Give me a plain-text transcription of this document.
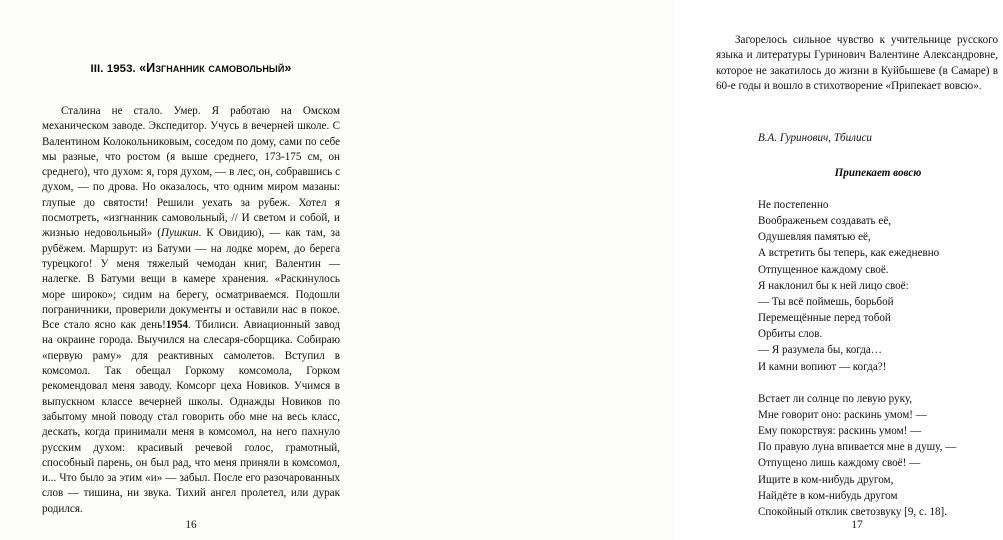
III. 1953. «Изгнанник самовольный»

Сталина не стало. Умер. Я работаю на Омском механическом заводе. Экспедитор. Учусь в вечерней школе. С Валентином Колокольниковым, соседом по дому, сами по себе мы разные, что ростом (я выше среднего, 173-175 см, он среднего), что духом: я, горя духом, — в лес, он, собравшись с духом, — по дрова. Но оказалось, что одним миром мазаны: глупые до святости! Решили уехать за рубеж. Хотел я посмотреть, «изгнанник самовольный, // И светом и собой, и жизнью недовольный» (Пушкин. К Овидию), — как там, за рубёжем. Маршрут: из Батуми — на лодке морем, до берега турецкого! У меня тяжелый чемодан книг, Валентин — налегке. В Батуми вещи в камере хранения. «Раскинулось море широко»; сидим на берегу, осматриваемся. Подошли пограничники, проверили документы и оставили нас в покое. Все стало ясно как день!1954. Тбилиси. Авиационный завод на окраине города. Выучился на слесаря-сборщика. Собираю «первую раму» для реактивных самолетов. Вступил в комсомол. Так обещал Горкому комсомола, Горком рекомендовал меня заводу. Комсорг цеха Новиков. Учимся в выпускном классе вечерней школы. Однажды Новиков по забытому мной поводу стал говорить обо мне на весь класс, дескать, когда принимали меня в комсомол, на него пахнуло русским духом: красивый речевой голос, грамотный, способный парень, он был рад, что меня приняли в комсомол, и... Что было за этим «и» — забыл. После его разочарованных слов — тишина, ни звука. Тихий ангел пролетел, или дурак родился.

16

Загорелось сильное чувство к учительнице русского языка и литературы Гуринович Валентине Александровне, которое не закатилось до жизни в Куйбышеве (в Самаре) в 60-е годы и вошло в стихотворение «Припекает вовсю».

В.А. Гуринович, Тбилиси
Припекает вовсю
Не постепенно
Воображеньем создавать её,
Одушевляя памятью её,
А встретить бы теперь, как ежедневно
Отпущенное каждому своё.
Я наклонил бы к ней лицо своё:
— Ты всё поймешь, борьбой
Перемещённые перед тобой
Орбиты слов.
— Я разумела бы, когда…
И камни вопиют — когда?!
Встает ли солнце по левую руку,
Мне говорит оно: раскинь умом! —
Ему покорствуя: раскинь умом! —
По правую луна впивается мне в душу, —
Отпущено лишь каждому своё! —
Ищите в ком-нибудь другом,
Найдёте в ком-нибудь другом
Спокойный отклик светозвуку [9, с. 18].
17
